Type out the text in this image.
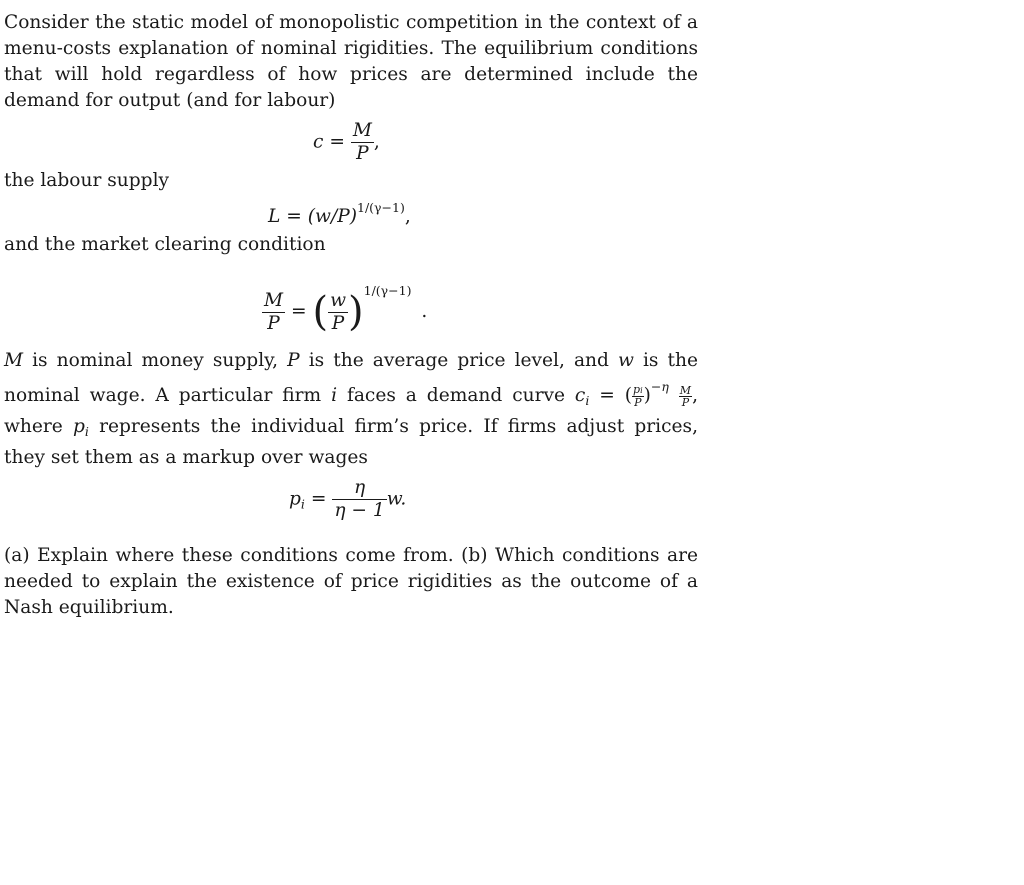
Consider the static model of monopolistic competition in the context of a menu-costs explanation of nominal rigidities. The equilibrium conditions that will hold regardless of how prices are determined include the demand for output (and for labour)

$c = \frac{M}{P}$ ,

the labour supply

$L = (w/P)^{1/(\gamma-1)}$,

and the market clearing condition

$\frac{M}{P}$ = ( $\frac{w}{P} )^{1/(\gamma-1)}$ .

M is nominal money supply, P is the average price level, and w is the nominal wage. A particular firm i faces a demand curve $c_i$ = ( $\frac{pi}{P} )^{-\eta} \frac{M}{P}$ , where $p_i$ represents the individual firm’s price. If firms adjust prices, they set them as a markup over wages

$p_i = \frac{\eta}{\eta - 1} w$.

(a) Explain where these conditions come from. (b) Which conditions are needed to explain the existence of price rigidities as the outcome of a Nash equilibrium.
